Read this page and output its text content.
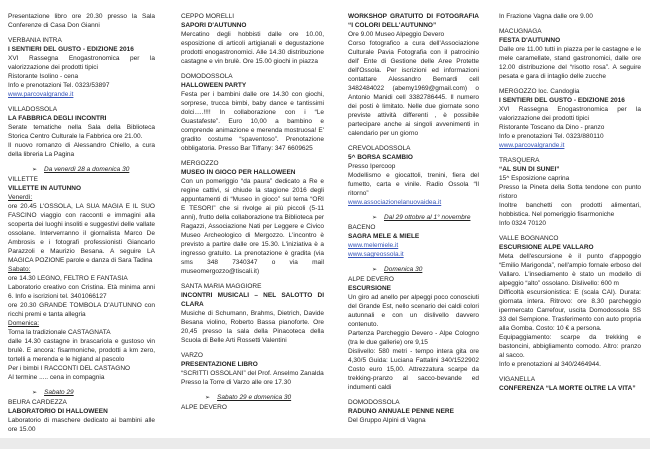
Presentazione libro ore 20.30 presso la Sala Conferenze di Casa Don Gianni
VERBANIA INTRA
I SENTIERI DEL GUSTO - EDIZIONE 2016
XVI Rassegna Enogastronomica per la valorizzazione dei prodotti tipici
Ristorante Isolino - cena
Info e prenotazioni Tel. 0323/53897
www.parcovalgrande.it
VILLADOSSOLA
LA FABBRICA DEGLI INCONTRI
Serate tematiche nella Sala della Biblioteca Storica Centro Culturale la Fabbrica ore 21.00.
Il nuovo romanzo di Alessandro Chiello, a cura della libreria La Pagina
➢ Da venerdì 28 a domenica 30
VILLETTE
VILLETTE IN AUTUNNO
Venerdì:
ore 20.45 L'OSSOLA, LA SUA MAGIA E IL SUO FASCINO viaggio con racconti e immagini alla scoperta dei luoghi insoliti e suggestivi delle vallate ossolane. Interverranno il giornalista Marco De Ambrosis e i fotografi professionisti Giancarlo Parazzoli e Maurizio Besana. A seguire LA MAGICA POZIONE parole e danza di Sara Tadina
Sabato:
ore 14.30 LEGNO, FELTRO E FANTASIA
Laboratorio creativo con Cristina. Età minima anni 6. Info e iscrizioni tel. 3401066127
ore 20.30 GRANDE TOMBOLA D'AUTUNNO con ricchi premi e tanta allegria
Domenica:
Torna la tradizionale CASTAGNATA
dalle 14.30 castagne in brascariola e gustoso vin brulè. E ancora: fisarmoniche, prodotti a km zero, tortelli a merenda e le higland al pascolo
Per i bimbi I RACCONTI DEL CASTAGNO
Al termine ..... cena in compagnia
➢ Sabato 29
BEURA CARDEZZA
LABORATORIO DI HALLOWEEN
Laboratorio di maschere dedicato ai bambini alle ore 15.00
CEPPO MORELLI
SAPORI D'AUTUNNO
Mercatino degli hobbisti dalle ore 10.00, esposizione di articoli artigianali e degustazione prodotti enogastronomici. Alle 14.30 distribuzione castagne e vin brulè. Ore 15.00 giochi in piazza
DOMODOSSOLA
HALLOWEEN PARTY
Festa per i bambini dalle ore 14.30 con giochi, sorprese, trucca bimbi, baby dance e tantissimi dolci.....!!!! In collaborazione con i “Le Guastafeste”. Euro 10,00 a bambino e comprende animazione e merenda mostruosa! E' gradito costume “spaventoso”. Prenotazione obbligatoria. Presso Bar Tiffany: 347 6609625
MERGOZZO
MUSEO IN GIOCO PER HALLOWEEN
Con un pomeriggio “da paura” dedicato a Re e regine cattivi, si chiude la stagione 2016 degli appuntamenti di “Museo in gioco” sul tema “ORI E TESORI” che si rivolge ai più piccoli (5-11 anni), frutto della collaborazione tra Biblioteca per Ragazzi, Associazione Nati per Leggere e Civico Museo Archeologico di Mergozzo. L'incontro è previsto a partire dalle ore 15.30. L'iniziativa è a ingresso gratuito. La prenotazione è gradita (via sms 348 7340347 o via mail museomergozzo@tiscali.it)
SANTA MARIA MAGGIORE
INCONTRI MUSICALI – NEL SALOTTO DI CLARA
Musiche di Schumann, Brahms, Dietrich, Davide Besana violino, Roberto Bassa pianoforte. Ore 20,45 presso la sala della Pinacoteca della Scuola di Belle Arti Rossetti Valentini
VARZO
PRESENTAZIONE LIBRO
“SCRITTI OSSOLANI” del Prof. Anselmo Zanalda
Presso la Torre di Varzo alle ore 17.30
➢ Sabato 29 e domenica 30
ALPE DEVERO
WORKSHOP GRATUITO DI FOTOGRAFIA “I COLORI DELL'AUTUNNO”
Ore 9.00 Museo Alpeggio Devero
Corso fotografico a cura dell'Associazione Culturale Pavia Fotografia con il patrocinio dell' Ente di Gestione delle Aree Protette dell'Ossola. Per iscrizioni ed informazioni contattare Alessandro Bernardi cell 3482484022 (abemy1969@gmail.com) o Antonio Manidi cell 3382786445. Il numero dei posti è limitato. Nelle due giornate sono previste attività differenti , è possibile partecipare anche ai singoli avvenimenti in calendario per un giorno
CREVOLADOSSOLA
5^ BORSA SCAMBIO
Presso Ipercoop
Modellismo e giocattoli, trenini, fiera del fumetto, carta e vinile. Radio Ossola “Il ritorno”
www.associazionelanuovaidea.it
➢ Dal 29 ottobre al 1° novembre
BACENO
SAGRA MELE & MIELE
www.melemiele.it
www.sagreossola.it
➢ Domenica 30
ALPE DEVERO
ESCURSIONE
Un giro ad anello per alpeggi poco conosciuti del Grande Est, nello scenario dei caldi colori autunnali e con un dislivello davvero contenuto.
Partenza Parcheggio Devero - Alpe Cologno (tra le due gallerie) ore 9,15
Dislivello: 580 metri - tempo intera gita ore 4,30/5 Guida: Luciana Fattalini 340/1522902 Costo euro 15,00. Attrezzatura scarpe da trekking-pranzo al sacco-bevande ed indumenti caldi
DOMODOSSOLA
RADUNO ANNUALE PENNE NERE
Del Gruppo Alpini di Vagna
In Frazione Vagna dalle ore 9.00
MACUGNAGA
FESTA D'AUTUNNO
Dalle ore 11.00 tutti in piazza per le castagne e le mele caramellate, stand gastronomici, dalle ore 12.00 distribuzione del “risotto rosa”. A seguire pesata e gara di intaglio delle zucche
MERGOZZO loc. Candoglia
I SENTIERI DEL GUSTO - EDIZIONE 2016
XVI Rassegna Enogastronomica per la valorizzazione dei prodotti tipici
Ristorante Toscano da Dino - pranzo
Info e prenotazioni Tel. 0323/880110
www.parcovalgrande.it
TRASQUERA
“AL SUN DI SUNEI”
15^ Esposizione caprina
Presso la Pineta della Sotta tendone con punto ristoro
Inoltre banchetti con prodotti alimentari, hobbistica. Nel pomeriggio fisarmoniche
Info 0324 70120
VALLE BOGNANCO
ESCURSIONE ALPE VALLARO
Meta dell'escursione è il punto d'appoggio “Emilio Marigonda”, nell'ampio fornale erboso del Vallaro. L'insediamento è stato un modello di alpeggio “alto” ossolano. Dislivello: 600 m
Difficoltà escursionistica: E (scala CAI). Durata: giornata intera. Ritrovo: ore 8.30 parcheggio ipermercato Carrefour, uscita Domodossola SS 33 del Sempione. Trasferimento con auto propria alla Gomba. Costo: 10 € a persona.
Equipaggiamento: scarpe da trekking e bastoncini, abbigliamento comodo. Altro: pranzo al sacco.
Info e prenotazioni al 340/2464944.
VIGANELLA
CONFERENZA “LA MORTE OLTRE LA VITA”
